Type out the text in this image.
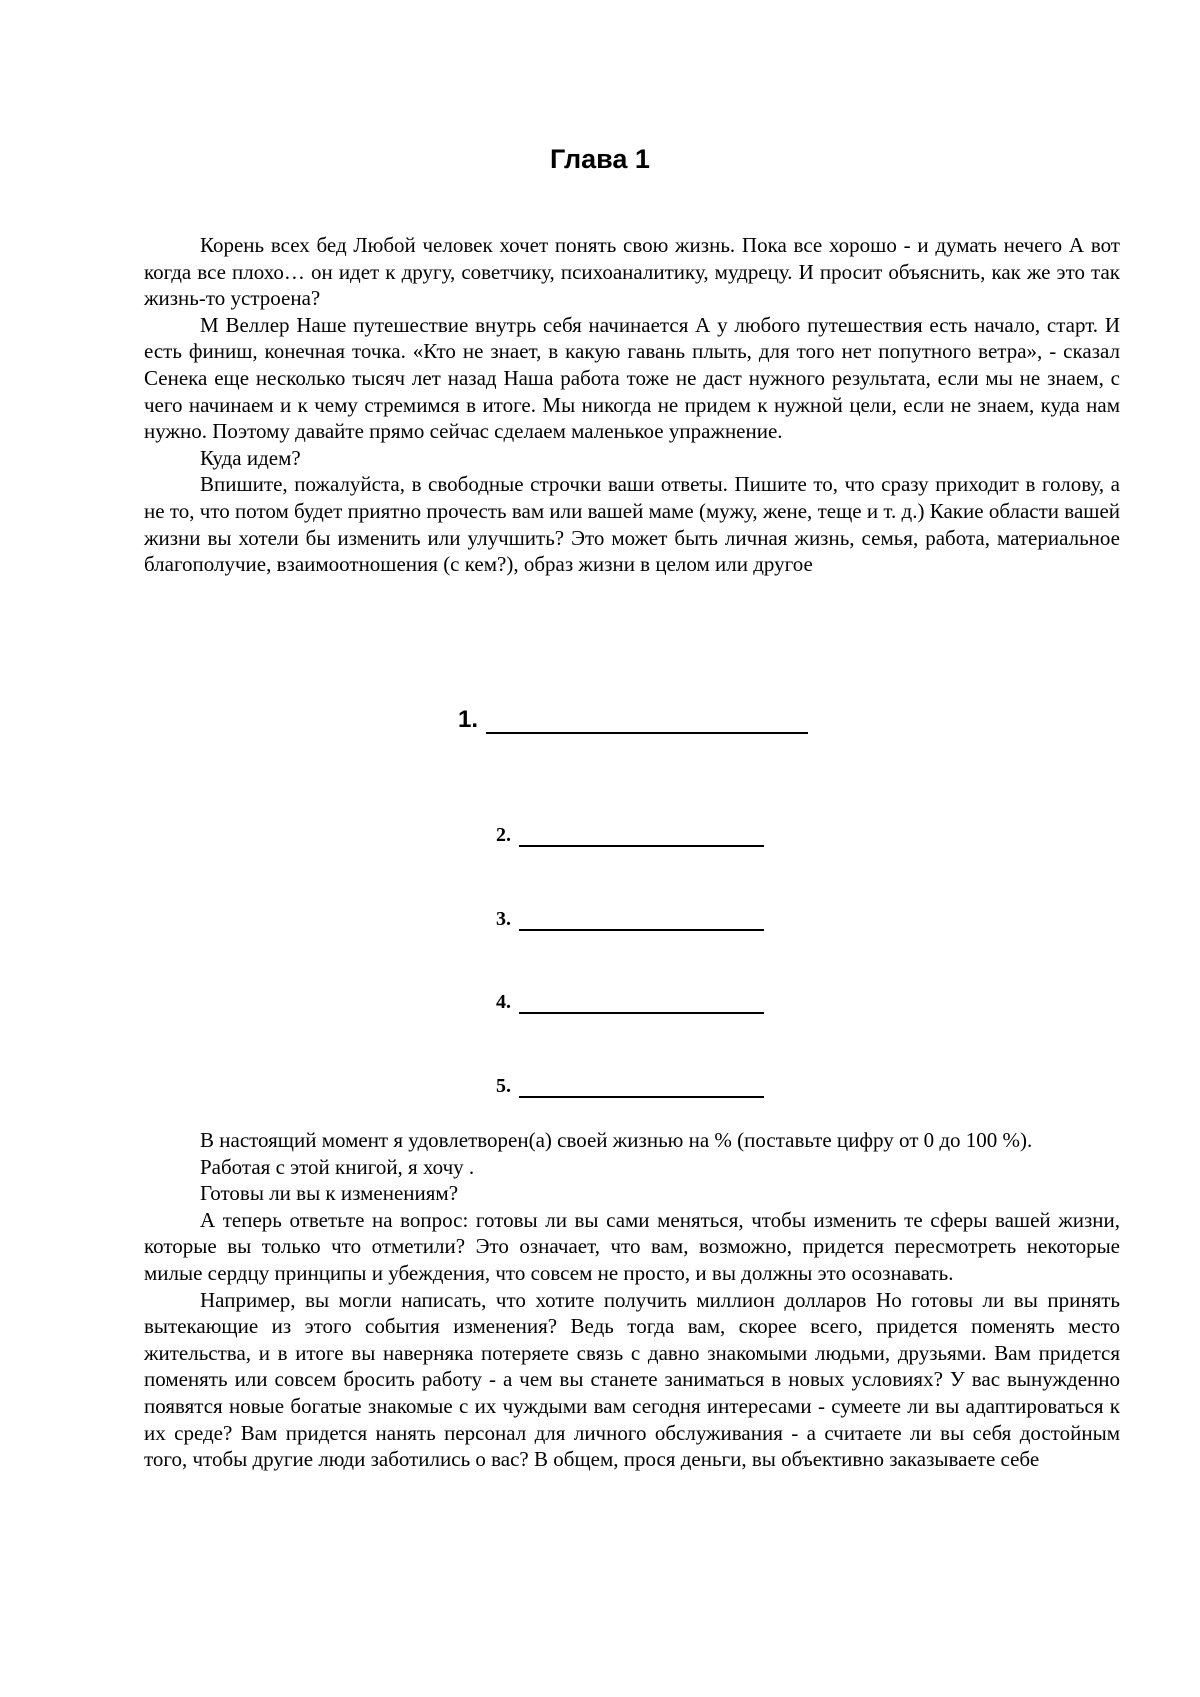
Глава 1

Корень всех бед Любой человек хочет понять свою жизнь. Пока все хорошо - и думать нечего А вот когда все плохо… он идет к другу, советчику, психоаналитику, мудрецу. И просит объяснить, как же это так жизнь-то устроена?

М Веллер Наше путешествие внутрь себя начинается А у любого путешествия есть начало, старт. И есть финиш, конечная точка. «Кто не знает, в какую гавань плыть, для того нет попутного ветра», - сказал Сенека еще несколько тысяч лет назад Наша работа тоже не даст нужного результата, если мы не знаем, с чего начинаем и к чему стремимся в итоге. Мы никогда не придем к нужной цели, если не знаем, куда нам нужно. Поэтому давайте прямо сейчас сделаем маленькое упражнение.

Куда идем?

Впишите, пожалуйста, в свободные строчки ваши ответы. Пишите то, что сразу приходит в голову, а не то, что потом будет приятно прочесть вам или вашей маме (мужу, жене, теще и т. д.) Какие области вашей жизни вы хотели бы изменить или улучшить? Это может быть личная жизнь, семья, работа, материальное благополучие, взаимоотношения (с кем?), образ жизни в целом или другое

1.
2.
3.
4.
5.

В настоящий момент я удовлетворен(а) своей жизнью на % (поставьте цифру от 0 до 100 %).

Работая с этой книгой, я хочу .

Готовы ли вы к изменениям?

А теперь ответьте на вопрос: готовы ли вы сами меняться, чтобы изменить те сферы вашей жизни, которые вы только что отметили? Это означает, что вам, возможно, придется пересмотреть некоторые милые сердцу принципы и убеждения, что совсем не просто, и вы должны это осознавать.

Например, вы могли написать, что хотите получить миллион долларов Но готовы ли вы принять вытекающие из этого события изменения? Ведь тогда вам, скорее всего, придется поменять место жительства, и в итоге вы наверняка потеряете связь с давно знакомыми людьми, друзьями. Вам придется поменять или совсем бросить работу - а чем вы станете заниматься в новых условиях? У вас вынужденно появятся новые богатые знакомые с их чуждыми вам сегодня интересами - сумеете ли вы адаптироваться к их среде? Вам придется нанять персонал для личного обслуживания - а считаете ли вы себя достойным того, чтобы другие люди заботились о вас? В общем, прося деньги, вы объективно заказываете себе
